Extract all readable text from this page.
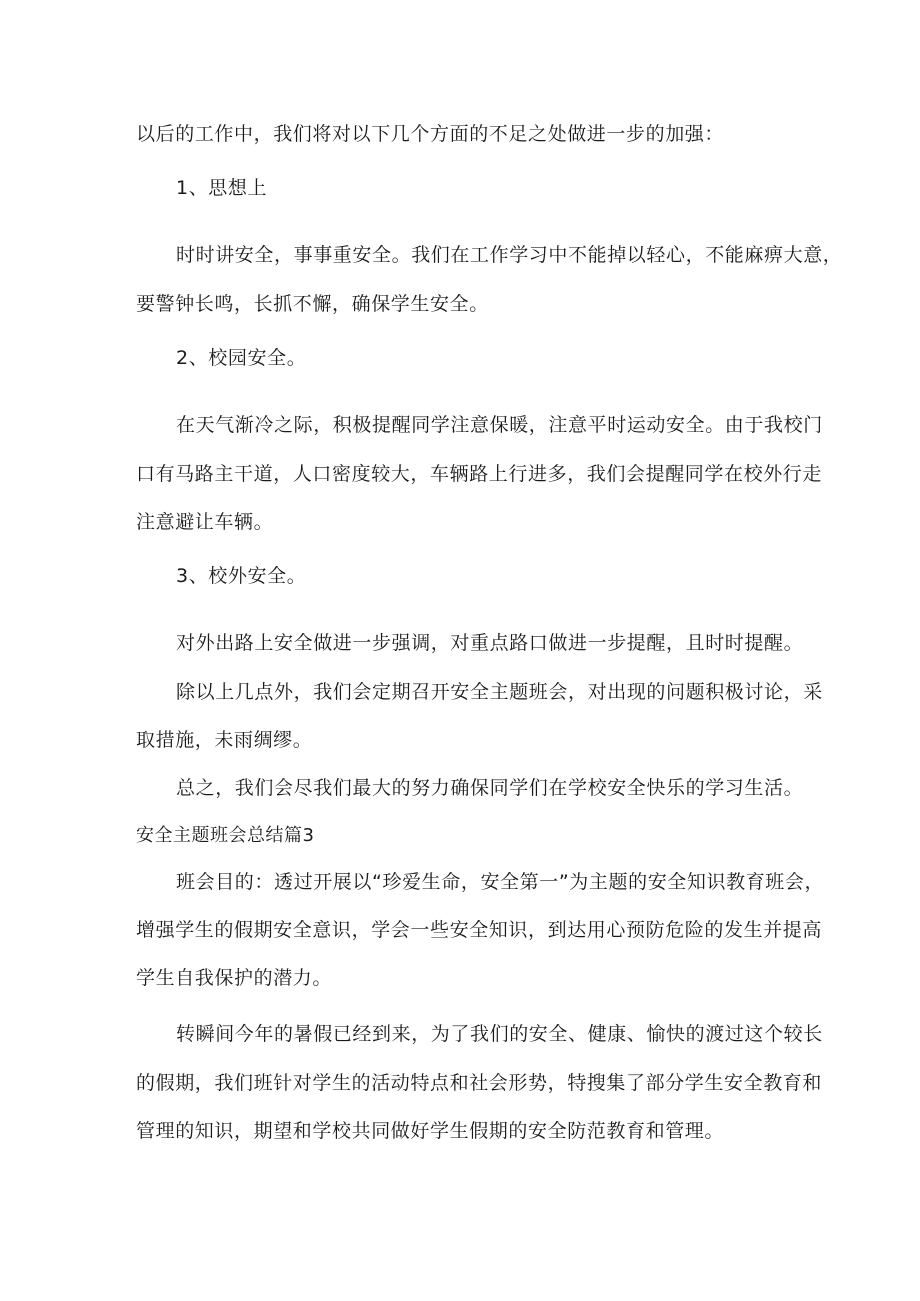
以后的工作中，我们将对以下几个方面的不足之处做进一步的加强：
1、思想上
时时讲安全，事事重安全。我们在工作学习中不能掉以轻心，不能麻痹大意，
要警钟长鸣，长抓不懈，确保学生安全。
2、校园安全。
在天气渐冷之际，积极提醒同学注意保暖，注意平时运动安全。由于我校门
口有马路主干道，人口密度较大，车辆路上行进多，我们会提醒同学在校外行走
注意避让车辆。
3、校外安全。
对外出路上安全做进一步强调，对重点路口做进一步提醒，且时时提醒。
除以上几点外，我们会定期召开安全主题班会，对出现的问题积极讨论，采
取措施，未雨绸缪。
总之，我们会尽我们最大的努力确保同学们在学校安全快乐的学习生活。
安全主题班会总结篇3
班会目的：透过开展以“珍爱生命，安全第一”为主题的安全知识教育班会，
增强学生的假期安全意识，学会一些安全知识，到达用心预防危险的发生并提高
学生自我保护的潜力。
转瞬间今年的暑假已经到来，为了我们的安全、健康、愉快的渡过这个较长
的假期，我们班针对学生的活动特点和社会形势，特搜集了部分学生安全教育和
管理的知识，期望和学校共同做好学生假期的安全防范教育和管理。
